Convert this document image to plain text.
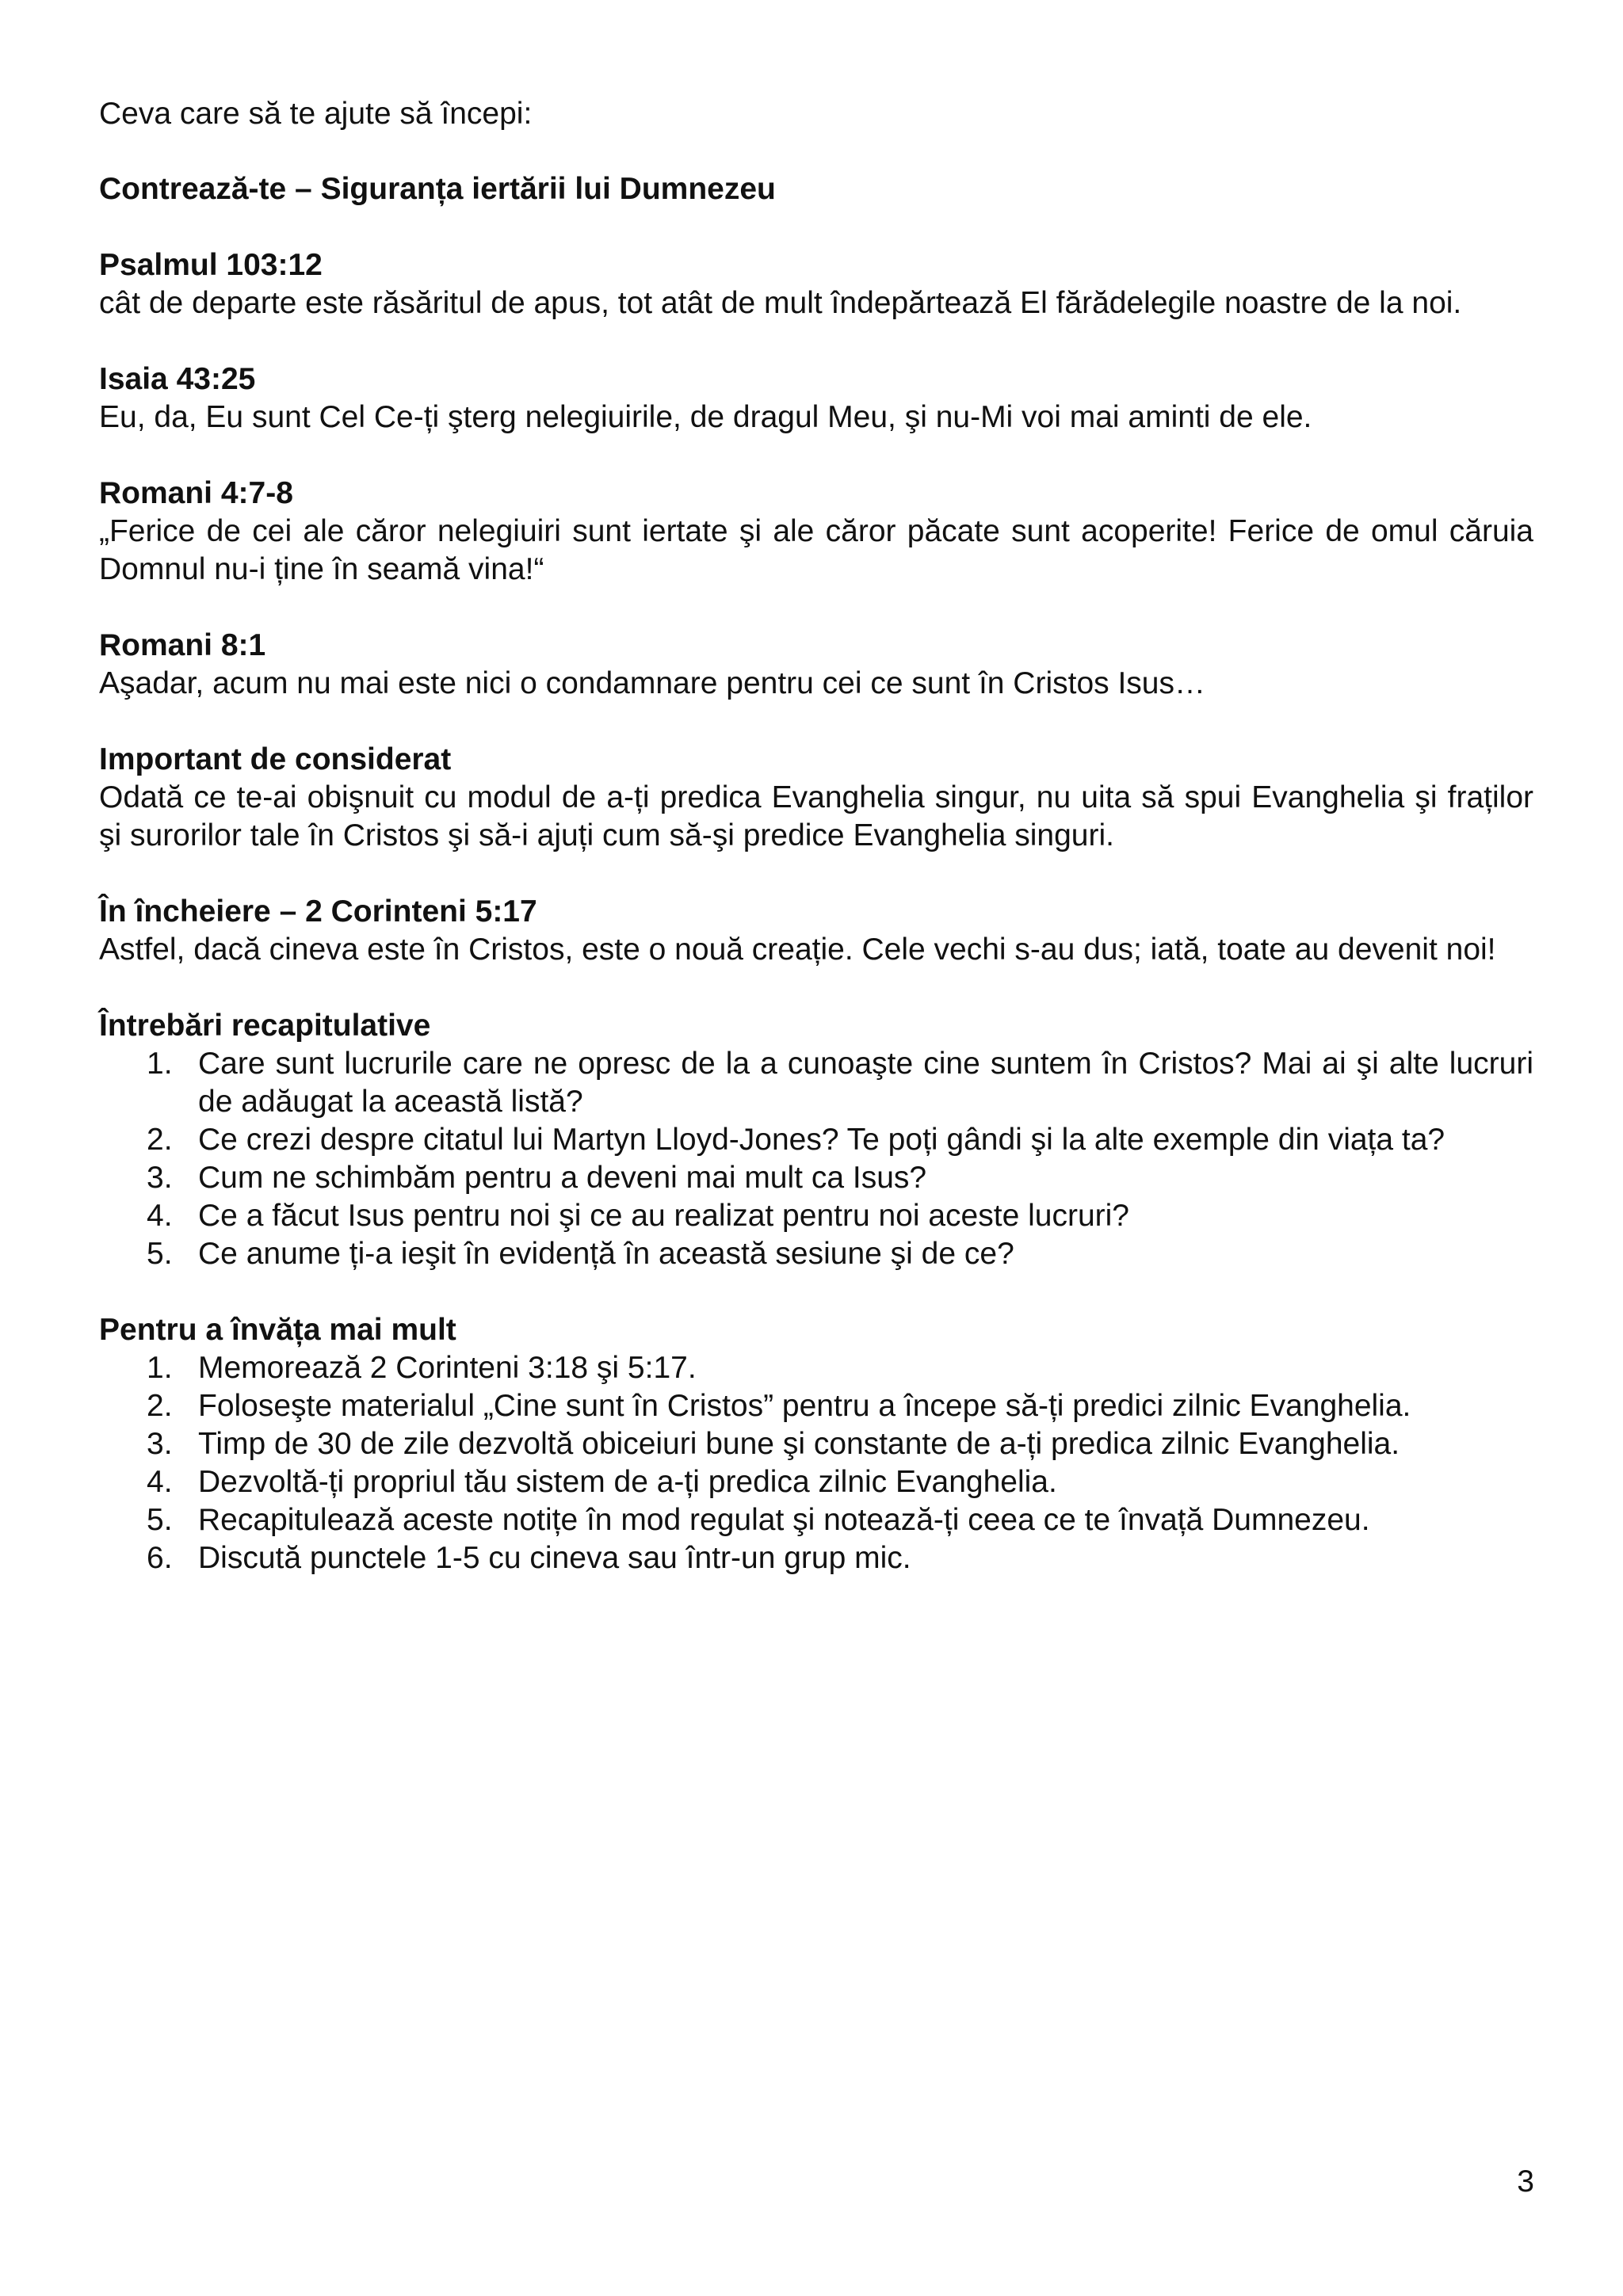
Ceva care să te ajute să începi:

Contrează-te – Siguranța iertării lui Dumnezeu

Psalmul 103:12

cât de departe este răsăritul de apus, tot atât de mult îndepărtează El fărădelegile noastre de la noi.

Isaia 43:25

Eu, da, Eu sunt Cel Ce-ți şterg nelegiuirile, de dragul Meu, şi nu-Mi voi mai aminti de ele.

Romani 4:7-8

„Ferice de cei ale căror nelegiuiri sunt iertate şi ale căror păcate sunt acoperite! Ferice de omul căruia Domnul nu-i ține în seamă vina!“

Romani 8:1

Aşadar, acum nu mai este nici o condamnare pentru cei ce sunt în Cristos Isus…

Important de considerat

Odată ce te-ai obişnuit cu modul de a-ți predica Evanghelia singur, nu uita să spui Evanghelia şi fraților şi surorilor tale în Cristos şi să-i ajuți cum să-şi predice Evanghelia singuri.

În încheiere – 2 Corinteni 5:17

Astfel, dacă cineva este în Cristos, este o nouă creație. Cele vechi s-au dus; iată, toate au devenit noi!

Întrebări recapitulative

1. Care sunt lucrurile care ne opresc de la a cunoaşte cine suntem în Cristos? Mai ai şi alte lucruri de adăugat la această listă?
2. Ce crezi despre citatul lui Martyn Lloyd-Jones? Te poți gândi şi la alte exemple din viața ta?
3. Cum ne schimbăm pentru a deveni mai mult ca Isus?
4. Ce a făcut Isus pentru noi şi ce au realizat pentru noi aceste lucruri?
5. Ce anume ți-a ieşit în evidență în această sesiune şi de ce?

Pentru a învăța mai mult

1. Memorează 2 Corinteni 3:18 şi 5:17.
2. Foloseşte materialul „Cine sunt în Cristos” pentru a începe să-ți predici zilnic Evanghelia.
3. Timp de 30 de zile dezvoltă obiceiuri bune şi constante de a-ți predica zilnic Evanghelia.
4. Dezvoltă-ți propriul tău sistem de a-ți predica zilnic Evanghelia.
5. Recapitulează aceste notițe în mod regulat şi notează-ți ceea ce te învață Dumnezeu.
6. Discută punctele 1-5 cu cineva sau într-un grup mic.
3
